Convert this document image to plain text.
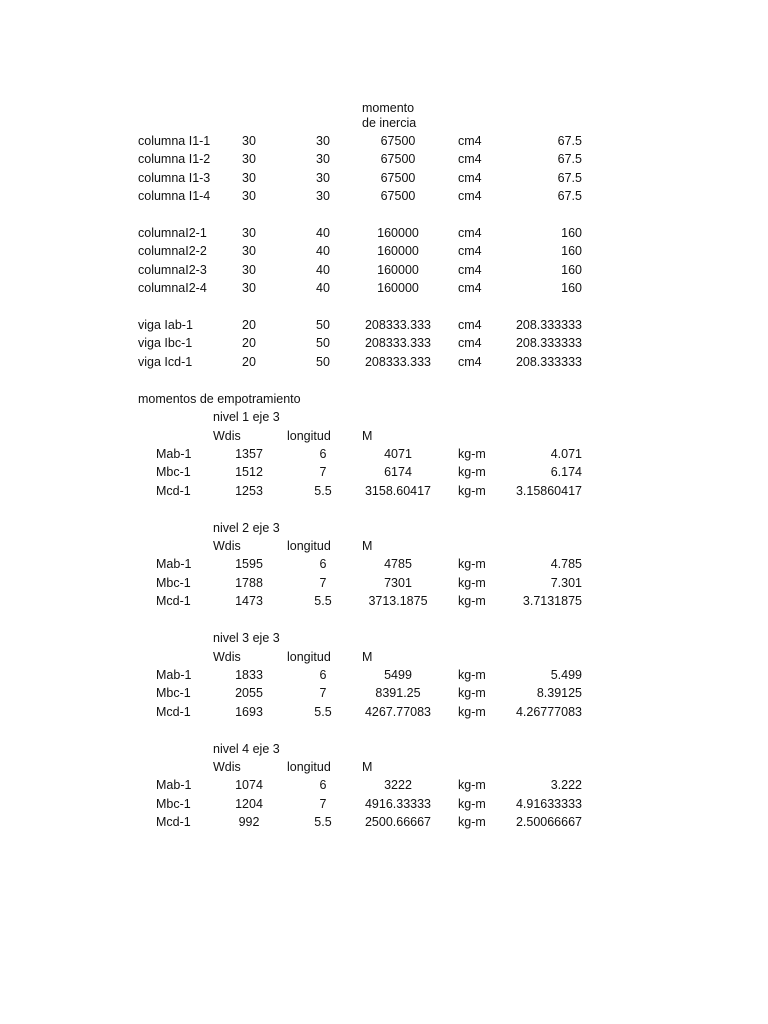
momento
de inercia
columna I1-1	30	30	67500	cm4	67.5
columna I1-2	30	30	67500	cm4	67.5
columna I1-3	30	30	67500	cm4	67.5
columna I1-4	30	30	67500	cm4	67.5
columnaI2-1	30	40	160000	cm4	160
columnaI2-2	30	40	160000	cm4	160
columnaI2-3	30	40	160000	cm4	160
columnaI2-4	30	40	160000	cm4	160
viga Iab-1	20	50	208333.333	cm4	208.333333
viga Ibc-1	20	50	208333.333	cm4	208.333333
viga Icd-1	20	50	208333.333	cm4	208.333333
momentos de empotramiento
nivel 1 eje 3
Wdis	longitud M
Mab-1	1357	6	4071	kg-m	4.071
Mbc-1	1512	7	6174	kg-m	6.174
Mcd-1	1253	5.5	3158.60417	kg-m	3.15860417
nivel 2 eje 3
Wdis	longitud M
Mab-1	1595	6	4785	kg-m	4.785
Mbc-1	1788	7	7301	kg-m	7.301
Mcd-1	1473	5.5	3713.1875	kg-m	3.7131875
nivel 3 eje 3
Wdis	longitud M
Mab-1	1833	6	5499	kg-m	5.499
Mbc-1	2055	7	8391.25	kg-m	8.39125
Mcd-1	1693	5.5	4267.77083	kg-m	4.26777083
nivel 4 eje 3
Wdis	longitud M
Mab-1	1074	6	3222	kg-m	3.222
Mbc-1	1204	7	4916.33333	kg-m	4.91633333
Mcd-1	992	5.5	2500.66667	kg-m	2.50066667
